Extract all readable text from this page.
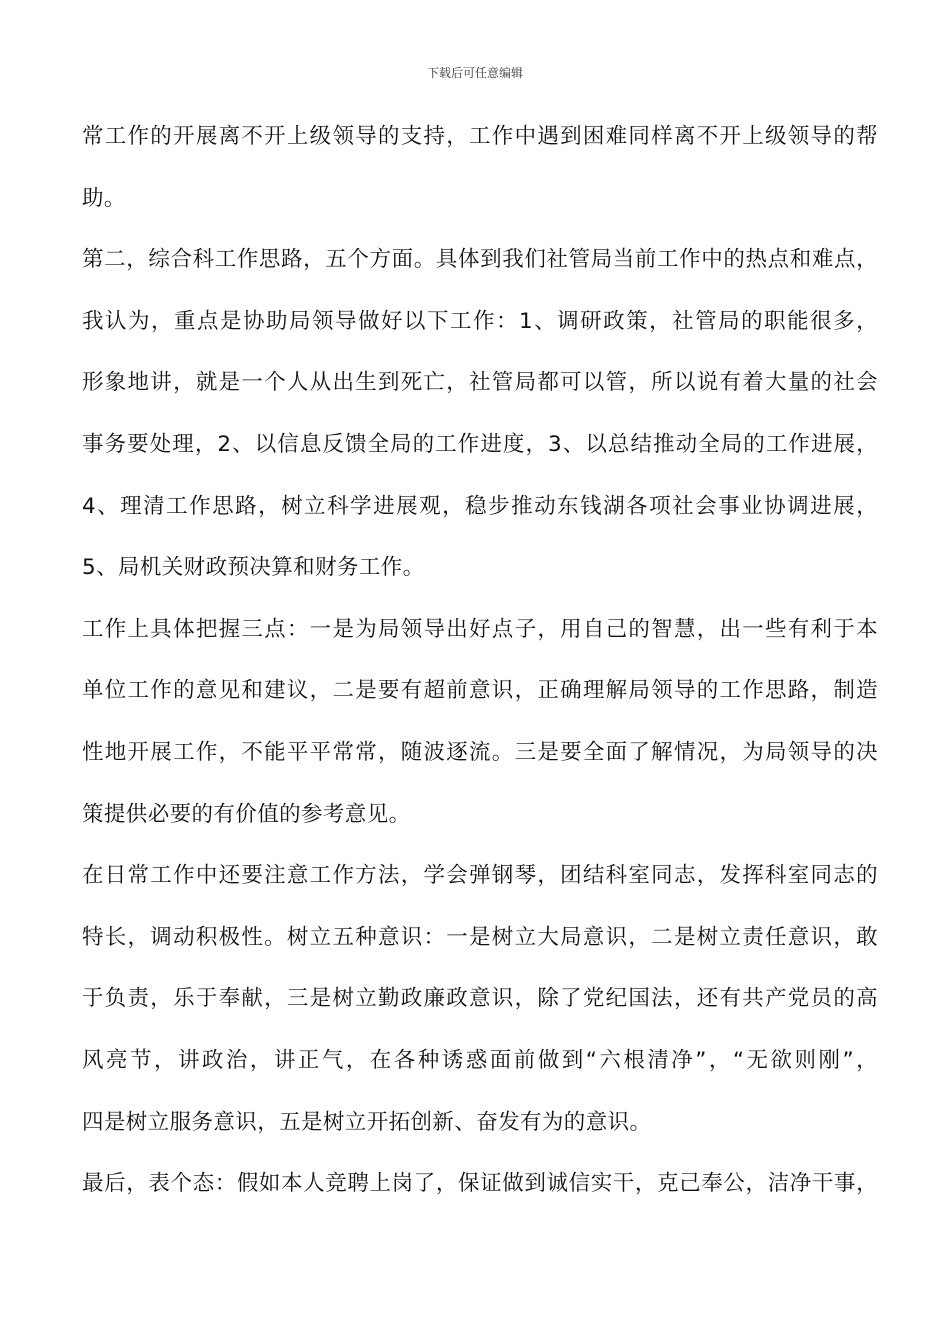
下载后可任意编辑
常工作的开展离不开上级领导的支持，工作中遇到困难同样离不开上级领导的帮
助。
第二，综合科工作思路，五个方面。具体到我们社管局当前工作中的热点和难点，
我认为，重点是协助局领导做好以下工作：1、调研政策，社管局的职能很多，
形象地讲，就是一个人从出生到死亡，社管局都可以管，所以说有着大量的社会
事务要处理，2、以信息反馈全局的工作进度，3、以总结推动全局的工作进展，
4、理清工作思路，树立科学进展观，稳步推动东钱湖各项社会事业协调进展，
5、局机关财政预决算和财务工作。
工作上具体把握三点：一是为局领导出好点子，用自己的智慧，出一些有利于本
单位工作的意见和建议，二是要有超前意识，正确理解局领导的工作思路，制造
性地开展工作，不能平平常常，随波逐流。三是要全面了解情况，为局领导的决
策提供必要的有价值的参考意见。
在日常工作中还要注意工作方法，学会弹钢琴，团结科室同志，发挥科室同志的
特长，调动积极性。树立五种意识：一是树立大局意识，二是树立责任意识，敢
于负责，乐于奉献，三是树立勤政廉政意识，除了党纪国法，还有共产党员的高
风亮节，讲政治，讲正气，在各种诱惑面前做到“六根清净”，“无欲则刚”，
四是树立服务意识，五是树立开拓创新、奋发有为的意识。
最后，表个态：假如本人竞聘上岗了，保证做到诚信实干，克己奉公，洁净干事，
